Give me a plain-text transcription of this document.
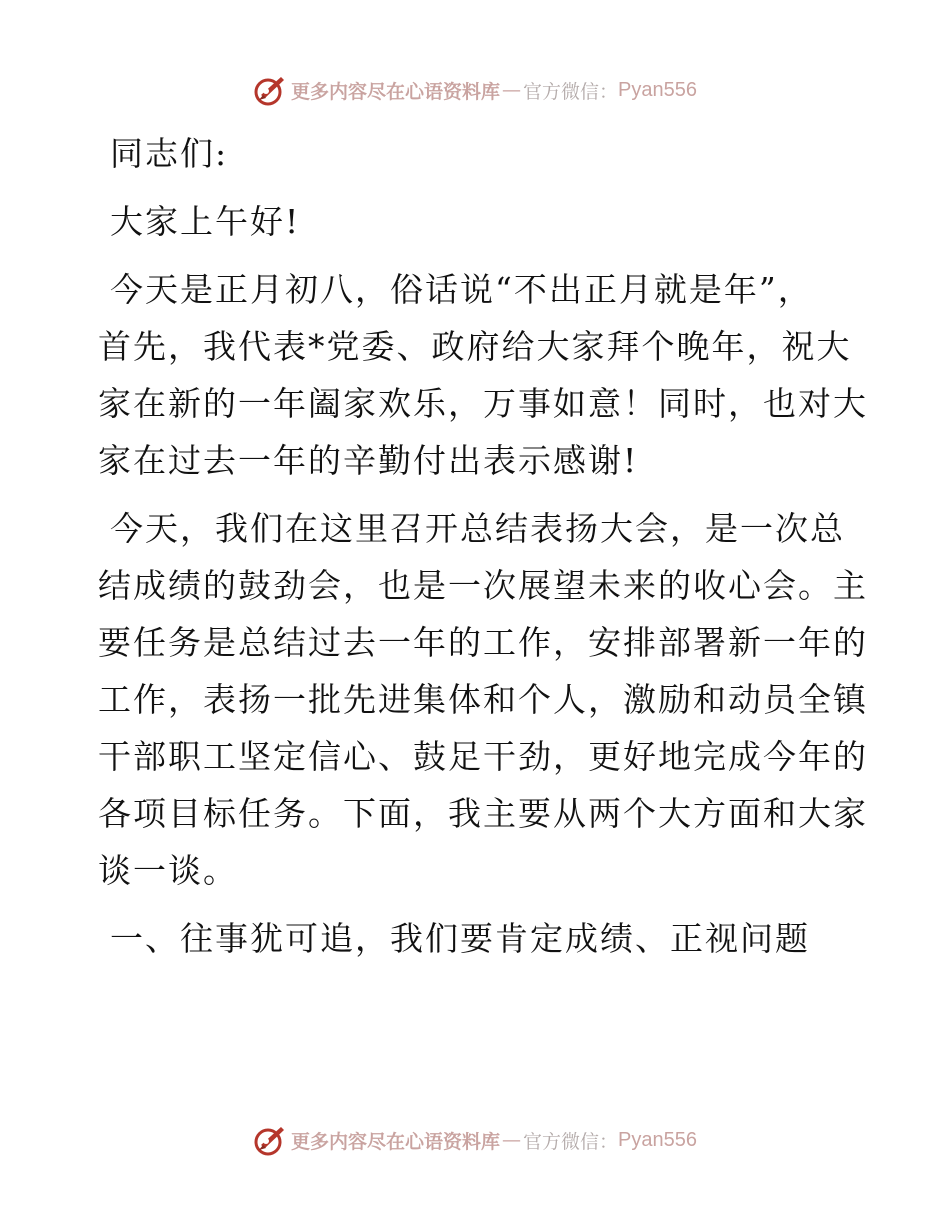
更多内容尽在心语资料库 — 官方微信： Pyan556
同志们:
大家上午好!
今天是正月初八，俗话说“不出正月就是年”，
首先，我代表*党委、政府给大家拜个晚年，祝大
家在新的一年阖家欢乐，万事如意！同时，也对大
家在过去一年的辛勤付出表示感谢!
今天，我们在这里召开总结表扬大会，是一次总
结成绩的鼓劲会，也是一次展望未来的收心会。主
要任务是总结过去一年的工作，安排部署新一年的
工作，表扬一批先进集体和个人，激励和动员全镇
干部职工坚定信心、鼓足干劲，更好地完成今年的
各项目标任务。下面，我主要从两个大方面和大家
谈一谈。
一、往事犹可追，我们要肯定成绩、正视问题
更多内容尽在心语资料库 — 官方微信： Pyan556
